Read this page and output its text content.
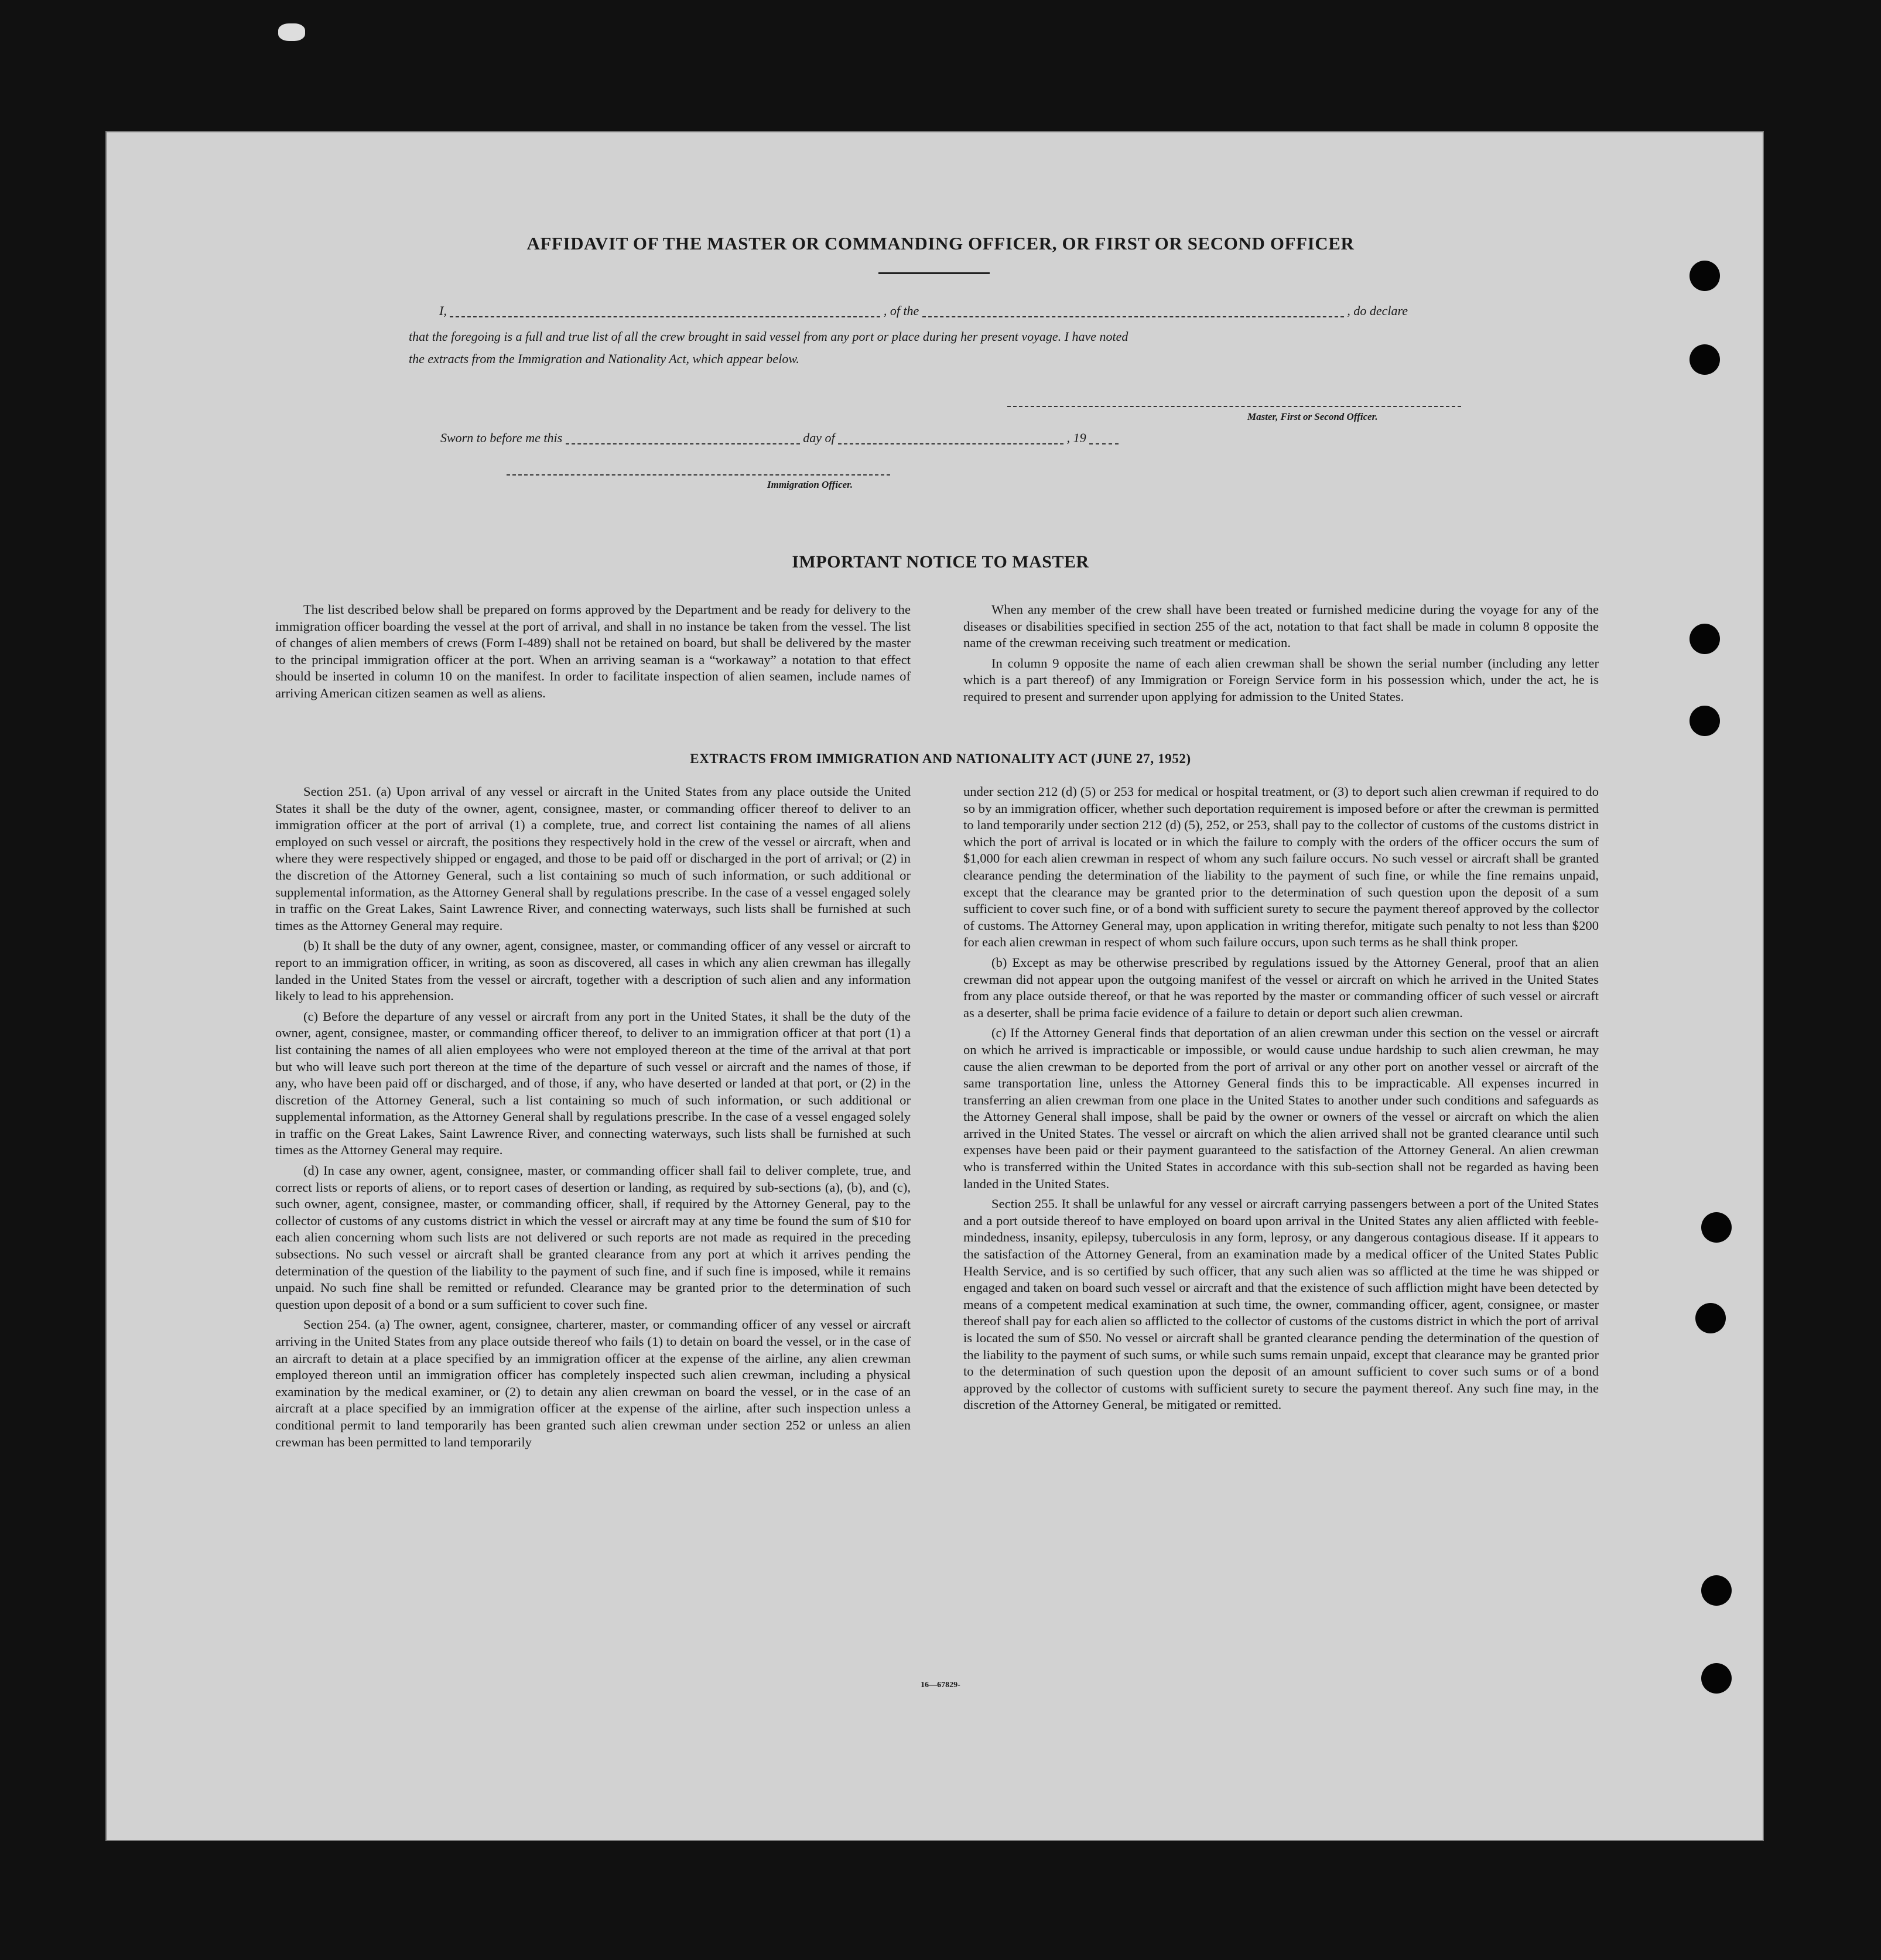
AFFIDAVIT OF THE MASTER OR COMMANDING OFFICER, OR FIRST OR SECOND OFFICER
I,	, of the	, do declare
that the foregoing is a full and true list of all the crew brought in said vessel from any port or place during her present voyage. I have noted
the extracts from the Immigration and Nationality Act, which appear below.
Master, First or Second Officer.
Sworn to before me this	day of	, 19
Immigration Officer.
IMPORTANT NOTICE TO MASTER

The list described below shall be prepared on forms approved by the Department and be ready for delivery to the immigration officer boarding the vessel at the port of arrival, and shall in no instance be taken from the vessel. The list of changes of alien members of crews (Form I-489) shall not be retained on board, but shall be delivered by the master to the principal immigration officer at the port. When an arriving seaman is a “workaway” a notation to that effect should be inserted in column 10 on the manifest. In order to facilitate inspection of alien seamen, include names of arriving American citizen seamen as well as aliens.

When any member of the crew shall have been treated or furnished medicine during the voyage for any of the diseases or disabilities specified in section 255 of the act, notation to that fact shall be made in column 8 opposite the name of the crewman receiving such treatment or medication.

In column 9 opposite the name of each alien crewman shall be shown the serial number (including any letter which is a part thereof) of any Immigration or Foreign Service form in his possession which, under the act, he is required to present and surrender upon applying for admission to the United States.

EXTRACTS FROM IMMIGRATION AND NATIONALITY ACT (JUNE 27, 1952)

Section 251. (a) Upon arrival of any vessel or aircraft in the United States from any place outside the United States it shall be the duty of the owner, agent, consignee, master, or commanding officer thereof to deliver to an immigration officer at the port of arrival (1) a complete, true, and correct list containing the names of all aliens employed on such vessel or aircraft, the positions they respectively hold in the crew of the vessel or aircraft, when and where they were respectively shipped or engaged, and those to be paid off or discharged in the port of arrival; or (2) in the discretion of the Attorney General, such a list containing so much of such information, or such additional or supplemental information, as the Attorney General shall by regulations prescribe. In the case of a vessel engaged solely in traffic on the Great Lakes, Saint Lawrence River, and connecting waterways, such lists shall be furnished at such times as the Attorney General may require.

(b) It shall be the duty of any owner, agent, consignee, master, or commanding officer of any vessel or aircraft to report to an immigration officer, in writing, as soon as discovered, all cases in which any alien crewman has illegally landed in the United States from the vessel or aircraft, together with a description of such alien and any information likely to lead to his apprehension.

(c) Before the departure of any vessel or aircraft from any port in the United States, it shall be the duty of the owner, agent, consignee, master, or commanding officer thereof, to deliver to an immigration officer at that port (1) a list containing the names of all alien employees who were not employed thereon at the time of the arrival at that port but who will leave such port thereon at the time of the departure of such vessel or aircraft and the names of those, if any, who have been paid off or discharged, and of those, if any, who have deserted or landed at that port, or (2) in the discretion of the Attorney General, such a list containing so much of such information, or such additional or supplemental information, as the Attorney General shall by regulations prescribe. In the case of a vessel engaged solely in traffic on the Great Lakes, Saint Lawrence River, and connecting waterways, such lists shall be furnished at such times as the Attorney General may require.

(d) In case any owner, agent, consignee, master, or commanding officer shall fail to deliver complete, true, and correct lists or reports of aliens, or to report cases of desertion or landing, as required by sub-sections (a), (b), and (c), such owner, agent, consignee, master, or commanding officer, shall, if required by the Attorney General, pay to the collector of customs of any customs district in which the vessel or aircraft may at any time be found the sum of $10 for each alien concerning whom such lists are not delivered or such reports are not made as required in the preceding subsections. No such vessel or aircraft shall be granted clearance from any port at which it arrives pending the determination of the question of the liability to the payment of such fine, and if such fine is imposed, while it remains unpaid. No such fine shall be remitted or refunded. Clearance may be granted prior to the determination of such question upon deposit of a bond or a sum sufficient to cover such fine.

Section 254. (a) The owner, agent, consignee, charterer, master, or commanding officer of any vessel or aircraft arriving in the United States from any place outside thereof who fails (1) to detain on board the vessel, or in the case of an aircraft to detain at a place specified by an immigration officer at the expense of the airline, any alien crewman employed thereon until an immigration officer has completely inspected such alien crewman, including a physical examination by the medical examiner, or (2) to detain any alien crewman on board the vessel, or in the case of an aircraft at a place specified by an immigration officer at the expense of the airline, after such inspection unless a conditional permit to land temporarily has been granted such alien crewman under section 252 or unless an alien crewman has been permitted to land temporarily

under section 212 (d) (5) or 253 for medical or hospital treatment, or (3) to deport such alien crewman if required to do so by an immigration officer, whether such deportation requirement is imposed before or after the crewman is permitted to land temporarily under section 212 (d) (5), 252, or 253, shall pay to the collector of customs of the customs district in which the port of arrival is located or in which the failure to comply with the orders of the officer occurs the sum of $1,000 for each alien crewman in respect of whom any such failure occurs. No such vessel or aircraft shall be granted clearance pending the determination of the liability to the payment of such fine, or while the fine remains unpaid, except that the clearance may be granted prior to the determination of such question upon the deposit of a sum sufficient to cover such fine, or of a bond with sufficient surety to secure the payment thereof approved by the collector of customs. The Attorney General may, upon application in writing therefor, mitigate such penalty to not less than $200 for each alien crewman in respect of whom such failure occurs, upon such terms as he shall think proper.

(b) Except as may be otherwise prescribed by regulations issued by the Attorney General, proof that an alien crewman did not appear upon the outgoing manifest of the vessel or aircraft on which he arrived in the United States from any place outside thereof, or that he was reported by the master or commanding officer of such vessel or aircraft as a deserter, shall be prima facie evidence of a failure to detain or deport such alien crewman.

(c) If the Attorney General finds that deportation of an alien crewman under this section on the vessel or aircraft on which he arrived is impracticable or impossible, or would cause undue hardship to such alien crewman, he may cause the alien crewman to be deported from the port of arrival or any other port on another vessel or aircraft of the same transportation line, unless the Attorney General finds this to be impracticable. All expenses incurred in transferring an alien crewman from one place in the United States to another under such conditions and safeguards as the Attorney General shall impose, shall be paid by the owner or owners of the vessel or aircraft on which the alien arrived in the United States. The vessel or aircraft on which the alien arrived shall not be granted clearance until such expenses have been paid or their payment guaranteed to the satisfaction of the Attorney General. An alien crewman who is transferred within the United States in accordance with this sub-section shall not be regarded as having been landed in the United States.

Section 255. It shall be unlawful for any vessel or aircraft carrying passengers between a port of the United States and a port outside thereof to have employed on board upon arrival in the United States any alien afflicted with feeble-mindedness, insanity, epilepsy, tuberculosis in any form, leprosy, or any dangerous contagious disease. If it appears to the satisfaction of the Attorney General, from an examination made by a medical officer of the United States Public Health Service, and is so certified by such officer, that any such alien was so afflicted at the time he was shipped or engaged and taken on board such vessel or aircraft and that the existence of such affliction might have been detected by means of a competent medical examination at such time, the owner, commanding officer, agent, consignee, or master thereof shall pay for each alien so afflicted to the collector of customs of the customs district in which the port of arrival is located the sum of $50. No vessel or aircraft shall be granted clearance pending the determination of the question of the liability to the payment of such sums, or while such sums remain unpaid, except that clearance may be granted prior to the determination of such question upon the deposit of an amount sufficient to cover such sums or of a bond approved by the collector of customs with sufficient surety to secure the payment thereof. Any such fine may, in the discretion of the Attorney General, be mitigated or remitted.

16—67829-
